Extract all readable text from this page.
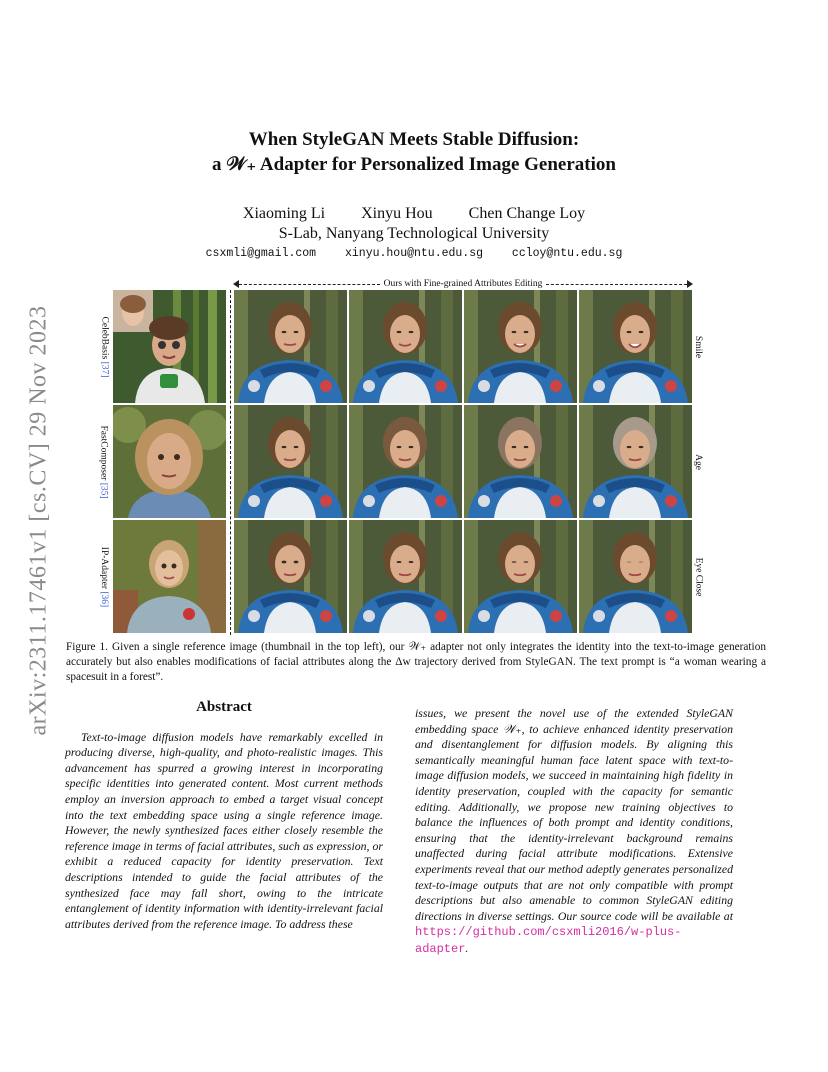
arXiv:2311.17461v1 [cs.CV] 29 Nov 2023
When StyleGAN Meets Stable Diffusion:
a 𝒲₊ Adapter for Personalized Image Generation
Xiaoming Li Xinyu Hou Chen Change Loy
S-Lab, Nanyang Technological University
csxmli@gmail.com	xinyu.hou@ntu.edu.sg	ccloy@ntu.edu.sg
Ours with Fine-grained Attributes Editing
CelebBasis [37]
FastComposer [35]
IP-Adapter [36]
Smile
Age
Eye Close
Figure 1. Given a single reference image (thumbnail in the top left), our 𝒲₊ adapter not only integrates the identity into the text-to-image generation accurately but also enables modifications of facial attributes along the Δw trajectory derived from StyleGAN. The text prompt is “a woman wearing a spacesuit in a forest”.
Abstract

Text-to-image diffusion models have remarkably excelled in producing diverse, high-quality, and photo-realistic images. This advancement has spurred a growing interest in incorporating specific identities into generated content. Most current methods employ an inversion approach to embed a target visual concept into the text embedding space using a single reference image. However, the newly synthesized faces either closely resemble the reference image in terms of facial attributes, such as expression, or exhibit a reduced capacity for identity preservation. Text descriptions intended to guide the facial attributes of the synthesized face may fall short, owing to the intricate entanglement of identity information with identity-irrelevant facial attributes derived from the reference image. To address these

issues, we present the novel use of the extended StyleGAN embedding space 𝒲₊, to achieve enhanced identity preservation and disentanglement for diffusion models. By aligning this semantically meaningful human face latent space with text-to-image diffusion models, we succeed in maintaining high fidelity in identity preservation, coupled with the capacity for semantic editing. Additionally, we propose new training objectives to balance the influences of both prompt and identity conditions, ensuring that the identity-irrelevant background remains unaffected during facial attribute modifications. Extensive experiments reveal that our method adeptly generates personalized text-to-image outputs that are not only compatible with prompt descriptions but also amenable to common StyleGAN editing directions in diverse settings. Our source code will be available at https://github.com/csxmli2016/w-plus-adapter.
